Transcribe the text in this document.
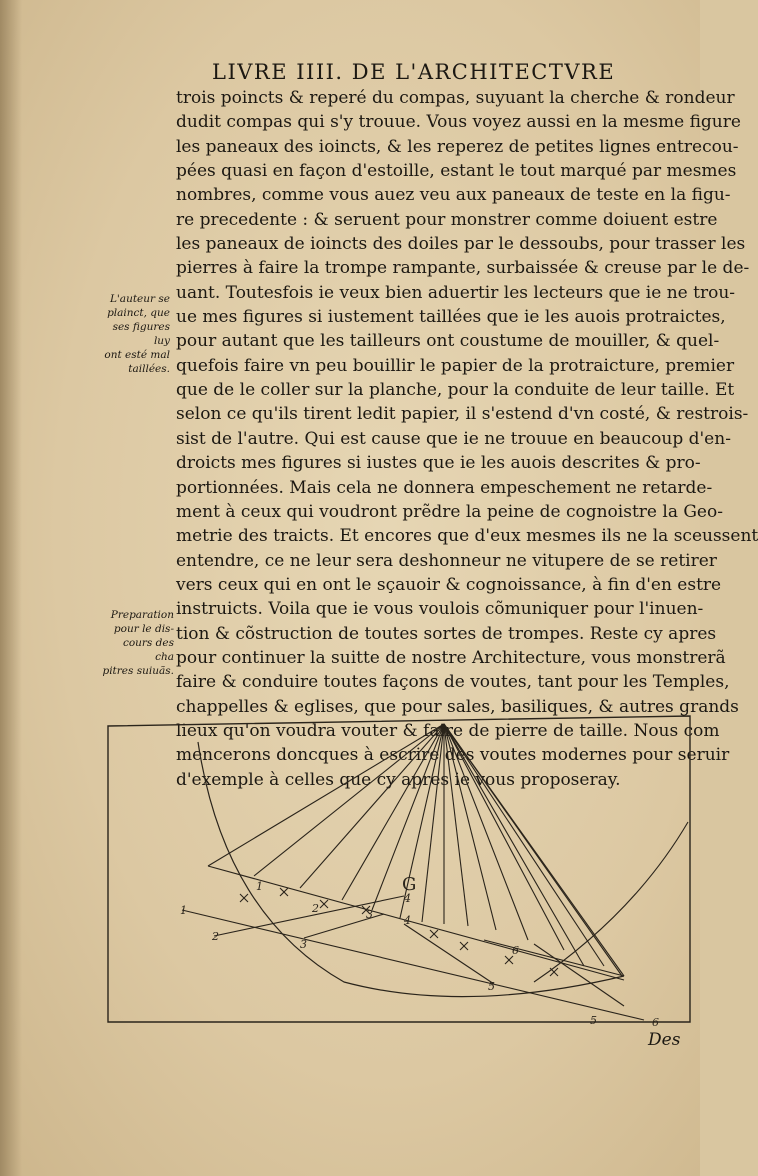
LIVRE IIII. DE L'ARCHITECTVRE
trois poincts & reperé du compas, suyuant la cherche & rondeur
dudit compas qui s'y trouue. Vous voyez aussi en la mesme figure
les paneaux des ioincts, & les reperez de petites lignes entrecou-
pées quasi en façon d'estoille, estant le tout marqué par mesmes
nombres, comme vous auez veu aux paneaux de teste en la figu-
re precedente : & seruent pour monstrer comme doiuent estre
les paneaux de ioincts des doiles par le dessoubs, pour trasser les
pierres à faire la trompe rampante, surbaissée & creuse par le de-
uant. Toutesfois ie veux bien aduertir les lecteurs que ie ne trou-
ue mes figures si iustement taillées que ie les auois protraictes,
pour autant que les tailleurs ont coustume de mouiller, & quel-
quefois faire vn peu bouillir le papier de la protraicture, premier
que de le coller sur la planche, pour la conduite de leur taille. Et
selon ce qu'ils tirent ledit papier, il s'estend d'vn costé, & restrois-
sist de l'autre. Qui est cause que ie ne trouue en beaucoup d'en-
droicts mes figures si iustes que ie les auois descrites & pro-
portionnées. Mais cela ne donnera empeschement ne retarde-
ment à ceux qui voudront prẽdre la peine de cognoistre la Geo-
metrie des traicts. Et encores que d'eux mesmes ils ne la sceussent
entendre, ce ne leur sera deshonneur ne vitupere de se retirer
vers ceux qui en ont le sçauoir & cognoissance, à fin d'en estre
instruicts. Voila que ie vous voulois cõmuniquer pour l'inuen-
tion & cõstruction de toutes sortes de trompes. Reste cy apres
pour continuer la suitte de nostre Architecture, vous monstrerã
faire & conduire toutes façons de voutes, tant pour les Temples,
chappelles & eglises, que pour sales, basiliques, & autres grands
lieux qu'on voudra vouter & faire de pierre de taille. Nous com
mencerons doncques à escrire des voutes modernes pour seruir
d'exemple à celles que cy apres ie vous proposeray.
L'auteur se
plainct, que
ses figures luy
ont esté mal
taillées.
Preparation
pour le dis-
cours des cha
pitres suiuãs.
G
1
2
3
4
5
6
1
2	3	4
5	6
Des
